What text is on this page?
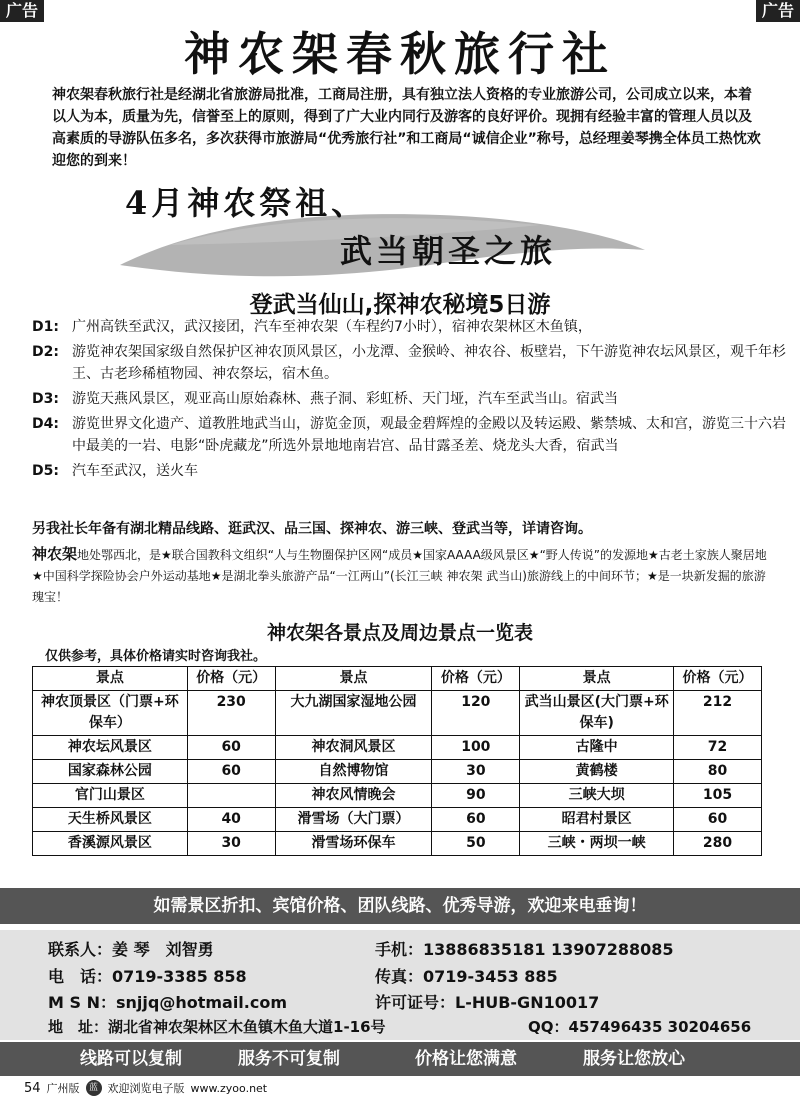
广告	广告
神农架春秋旅行社
神农架春秋旅行社是经湖北省旅游局批准，工商局注册，具有独立法人资格的专业旅游公司，公司成立以来，本着以人为本，质量为先，信誉至上的原则，得到了广大业内同行及游客的良好评价。现拥有经验丰富的管理人员以及高素质的导游队伍多名，多次获得市旅游局“优秀旅行社”和工商局“诚信企业”称号，总经理姜琴携全体员工热忱欢迎您的到来！
4月神农祭祖、
武当朝圣之旅
登武当仙山,探神农秘境5日游
D1: 广州高铁至武汉，武汉接团，汽车至神农架（车程约7小时），宿神农架林区木鱼镇，
D2: 游览神农架国家级自然保护区神农顶风景区，小龙潭、金猴岭、神农谷、板壁岩，下午游览神农坛风景区，观千年杉王、古老珍稀植物园、神农祭坛，宿木鱼。
D3: 游览天燕风景区，观亚高山原始森林、燕子洞、彩虹桥、天门垭，汽车至武当山。宿武当
D4: 游览世界文化遗产、道教胜地武当山，游览金顶，观最金碧辉煌的金殿以及转运殿、紫禁城、太和宫，游览三十六岩中最美的一岩、电影“卧虎藏龙”所选外景地地南岩宫、品甘露圣差、烧龙头大香，宿武当
D5: 汽车至武汉，送火车
另我社长年备有湖北精品线路、逛武汉、品三国、探神农、游三峡、登武当等，详请咨询。
神农架地处鄂西北，是★联合国教科文组织“人与生物圈保护区网“成员★国家AAAA级风景区★“野人传说”的发源地★古老土家族人聚居地★中国科学探险协会户外运动基地★是湖北拳头旅游产品“一江两山”(长江三峡 神农架 武当山)旅游线上的中间环节；★是一块新发掘的旅游瑰宝！
神农架各景点及周边景点一览表
仅供参考，具体价格请实时咨询我社。
景点	价格（元）	景点	价格（元）	景点	价格（元）
神农顶景区（门票+环保车）	230	大九湖国家湿地公园	120	武当山景区(大门票+环保车)	212
神农坛风景区	60	神农洞风景区	100	古隆中	72
国家森林公园	60	自然博物馆	30	黄鹤楼	80
官门山景区		神农风情晚会	90	三峡大坝	105
天生桥风景区	40	滑雪场（大门票）	60	昭君村景区	60
香溪源风景区	30	滑雪场环保车	50	三峡・两坝一峡	280
如需景区折扣、宾馆价格、团队线路、优秀导游，欢迎来电垂询！
联系人：姜 琴　刘智勇	手机：13886835181 13907288085
电　话：0719-3385 858	传真：0719-3453 885
M S N：snjjq@hotmail.com	许可证号：L-HUB-GN10017
地　址：湖北省神农架林区木鱼镇木鱼大道1-16号	QQ：457496435 30204656
线路可以复制	服务不可复制	价格让您满意	服务让您放心
54 广州版	蓝 欢迎浏览电子版 www.zyoo.net
